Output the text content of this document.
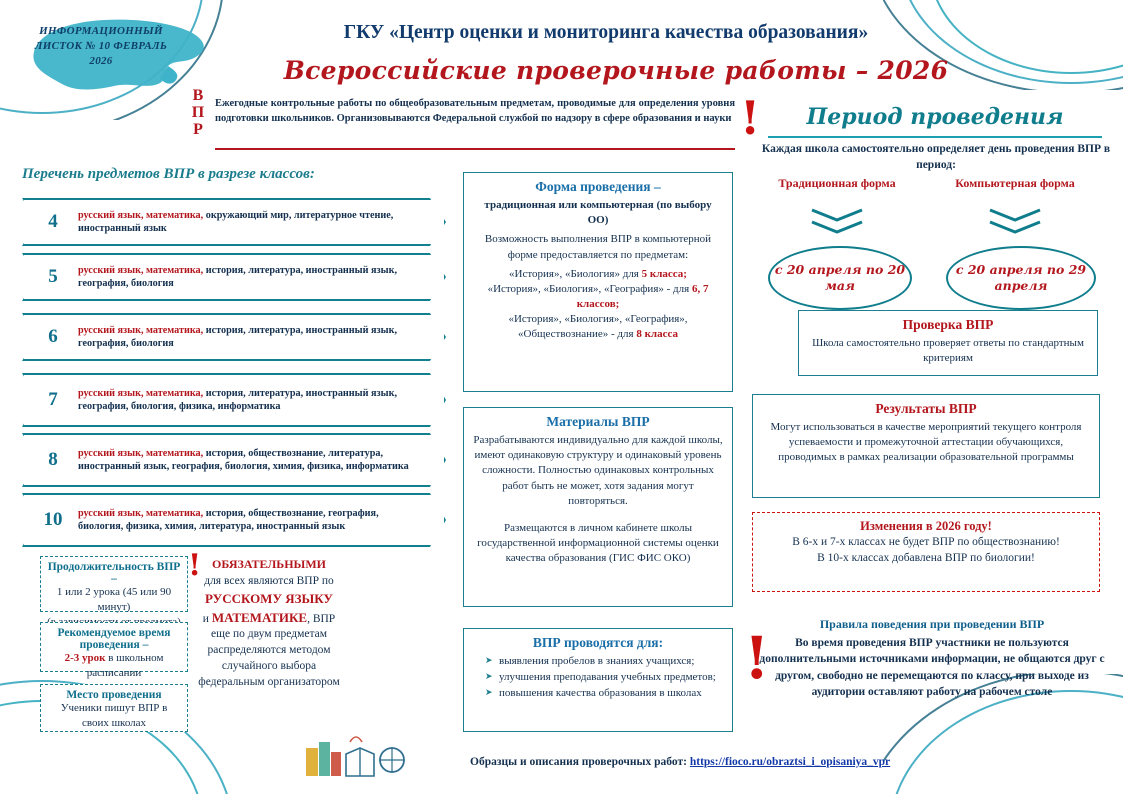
ИНФОРМАЦИОННЫЙ ЛИСТОК № 10 ФЕВРАЛЬ 2026
ГКУ «Центр оценки и мониторинга качества образования»
Всероссийские проверочные работы – 2026
В
П
Р
Ежегодные контрольные работы по общеобразовательным предметам, проводимые для определения уровня подготовки школьников. Организовываются Федеральной службой по надзору в сфере образования и науки !
Перечень предметов ВПР в разрезе классов:
4	русский язык, математика, окружающий мир, литературное чтение, иностранный язык
5	русский язык, математика, история, литература, иностранный язык, география, биология
6	русский язык, математика, история, литература, иностранный язык, география, биология
7	русский язык, математика, история, литература, иностранный язык, география, биология, физика, информатика
8	русский язык, математика, история, обществознание, литература, иностранный язык, география, биология, химия, физика, информатика
10	русский язык, математика, история, обществознание, география, биология, физика, химия, литература, иностранный язык
Продолжительность ВПР –
1 или 2 урока (45 или 90 минут)
Рекомендуемое время проведения –
2-3 урок в школьном расписании
Место проведения
Ученики пишут ВПР в своих школах
! ОБЯЗАТЕЛЬНЫМИ
для всех являются ВПР по
РУССКОМУ ЯЗЫКУ
и МАТЕМАТИКЕ, ВПР еще по двум предметам распределяются методом случайного выбора федеральным организатором
Форма проведения –
традиционная или компьютерная (по выбору ОО)
Возможность выполнения ВПР в компьютерной форме предоставляется по предметам:
«История», «Биология» для 5 класса;
«История», «Биология», «География» - для 6, 7 классов;
«История», «Биология», «География», «Обществознание» - для 8 класса
Материалы ВПР
Разрабатываются индивидуально для каждой школы, имеют одинаковую структуру и одинаковый уровень сложности. Полностью одинаковых контрольных работ быть не может, хотя задания могут повторяться.
Размещаются в личном кабинете школы государственной информационной системы оценки качества образования (ГИС ФИС ОКО)
ВПР проводятся для:
➤ выявления пробелов в знаниях учащихся;
➤ улучшения преподавания учебных предметов;
➤ повышения качества образования в школах
Период проведения
Каждая школа самостоятельно определяет день проведения ВПР в период:
Традиционная форма	Компьютерная форма
с 20 апреля по 20 мая
с 20 апреля по 29 апреля
Проверка ВПР
Школа самостоятельно проверяет ответы по стандартным критериям
Результаты ВПР
Могут использоваться в качестве мероприятий текущего контроля успеваемости и промежуточной аттестации обучающихся, проводимых в рамках реализации образовательной программы
Изменения в 2026 году!
В 6-х и 7-х классах не будет ВПР по обществознанию!
В 10-х классах добавлена ВПР по биологии!
!	Правила поведения при проведении ВПР
Во время проведения ВПР участники не пользуются дополнительными источниками информации, не общаются друг с другом, свободно не перемещаются по классу, при выходе из аудитории оставляют работу на рабочем столе
Образцы и описания проверочных работ: https://fioco.ru/obraztsi_i_opisaniya_vpr
